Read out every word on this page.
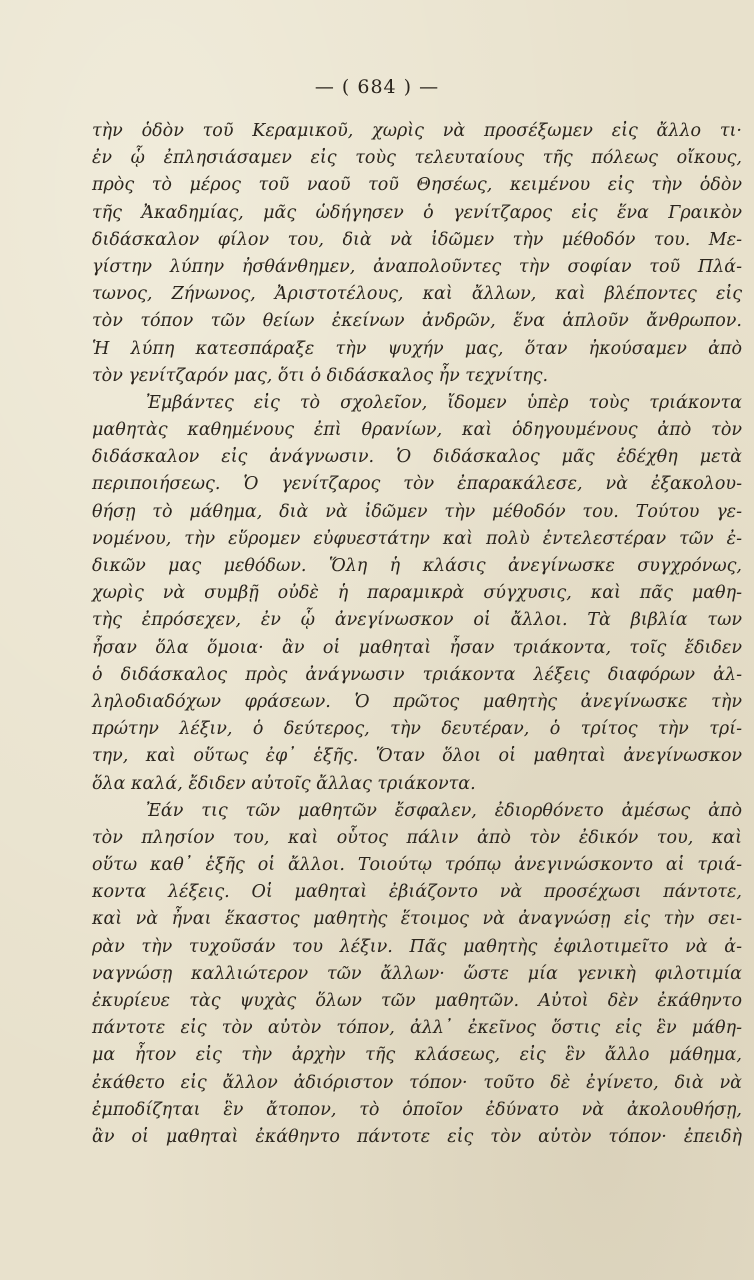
— ( 684 ) —
τὴν ὁδὸν τοῦ Κεραμικοῦ, χωρὶς νὰ προσέξωμεν εἰς ἄλλο τι·
ἐν ᾧ ἐπλησιάσαμεν εἰς τοὺς τελευταίους τῆς πόλεως οἴκους,
πρὸς τὸ μέρος τοῦ ναοῦ τοῦ Θησέως, κειμένου εἰς τὴν ὁδὸν
τῆς Ἀκαδημίας, μᾶς ὡδήγησεν ὁ γενίτζαρος εἰς ἕνα Γραικὸν
διδάσκαλον φίλον του, διὰ νὰ ἰδῶμεν τὴν μέθοδόν του. Με-
γίστην λύπην ἠσθάνθημεν, ἀναπολοῦντες τὴν σοφίαν τοῦ Πλά-
τωνος, Ζήνωνος, Ἀριστοτέλους, καὶ ἄλλων, καὶ βλέποντες εἰς
τὸν τόπον τῶν θείων ἐκείνων ἀνδρῶν, ἕνα ἁπλοῦν ἄνθρωπον.
Ἡ λύπη κατεσπάραξε τὴν ψυχήν μας, ὅταν ἠκούσαμεν ἀπὸ
τὸν γενίτζαρόν μας, ὅτι ὁ διδάσκαλος ἦν τεχνίτης.
Ἐμβάντες εἰς τὸ σχολεῖον, ἴδομεν ὑπὲρ τοὺς τριάκοντα
μαθητὰς καθημένους ἐπὶ θρανίων, καὶ ὁδηγουμένους ἀπὸ τὸν
διδάσκαλον εἰς ἀνάγνωσιν. Ὁ διδάσκαλος μᾶς ἐδέχθη μετὰ
περιποιήσεως. Ὁ γενίτζαρος τὸν ἐπαρακάλεσε, νὰ ἐξακολου-
θήσῃ τὸ μάθημα, διὰ νὰ ἰδῶμεν τὴν μέθοδόν του. Τούτου γε-
νομένου, τὴν εὕρομεν εὐφυεστάτην καὶ πολὺ ἐντελεστέραν τῶν ἐ-
δικῶν μας μεθόδων. Ὅλη ἡ κλάσις ἀνεγίνωσκε συγχρόνως,
χωρὶς νὰ συμβῇ οὐδὲ ἡ παραμικρὰ σύγχυσις, καὶ πᾶς μαθη-
τὴς ἐπρόσεχεν, ἐν ᾧ ἀνεγίνωσκον οἱ ἄλλοι. Τὰ βιβλία των
ἦσαν ὅλα ὅμοια· ἂν οἱ μαθηταὶ ἦσαν τριάκοντα, τοῖς ἔδιδεν
ὁ διδάσκαλος πρὸς ἀνάγνωσιν τριάκοντα λέξεις διαφόρων ἀλ-
ληλοδιαδόχων φράσεων. Ὁ πρῶτος μαθητὴς ἀνεγίνωσκε τὴν
πρώτην λέξιν, ὁ δεύτερος, τὴν δευτέραν, ὁ τρίτος τὴν τρί-
την, καὶ οὕτως ἐφ᾽ ἑξῆς. Ὅταν ὅλοι οἱ μαθηταὶ ἀνεγίνωσκον
ὅλα καλά, ἔδιδεν αὐτοῖς ἄλλας τριάκοντα.
Ἐάν τις τῶν μαθητῶν ἔσφαλεν, ἐδιορθόνετο ἀμέσως ἀπὸ
τὸν πλησίον του, καὶ οὗτος πάλιν ἀπὸ τὸν ἐδικόν του, καὶ
οὕτω καθ᾽ ἑξῆς οἱ ἄλλοι. Τοιούτῳ τρόπῳ ἀνεγινώσκοντο αἱ τριά-
κοντα λέξεις. Οἱ μαθηταὶ ἐβιάζοντο νὰ προσέχωσι πάντοτε,
καὶ νὰ ἦναι ἕκαστος μαθητὴς ἕτοιμος νὰ ἀναγνώσῃ εἰς τὴν σει-
ρὰν τὴν τυχοῦσάν του λέξιν. Πᾶς μαθητὴς ἐφιλοτιμεῖτο νὰ ἀ-
ναγνώσῃ καλλιώτερον τῶν ἄλλων· ὥστε μία γενικὴ φιλοτιμία
ἐκυρίευε τὰς ψυχὰς ὅλων τῶν μαθητῶν. Αὐτοὶ δὲν ἐκάθηντο
πάντοτε εἰς τὸν αὐτὸν τόπον, ἀλλ᾽ ἐκεῖνος ὅστις εἰς ἓν μάθη-
μα ἦτον εἰς τὴν ἀρχὴν τῆς κλάσεως, εἰς ἓν ἄλλο μάθημα,
ἐκάθετο εἰς ἄλλον ἀδιόριστον τόπον· τοῦτο δὲ ἐγίνετο, διὰ νὰ
ἐμποδίζηται ἓν ἄτοπον, τὸ ὁποῖον ἐδύνατο νὰ ἀκολουθήσῃ,
ἂν οἱ μαθηταὶ ἐκάθηντο πάντοτε εἰς τὸν αὐτὸν τόπον· ἐπειδὴ
